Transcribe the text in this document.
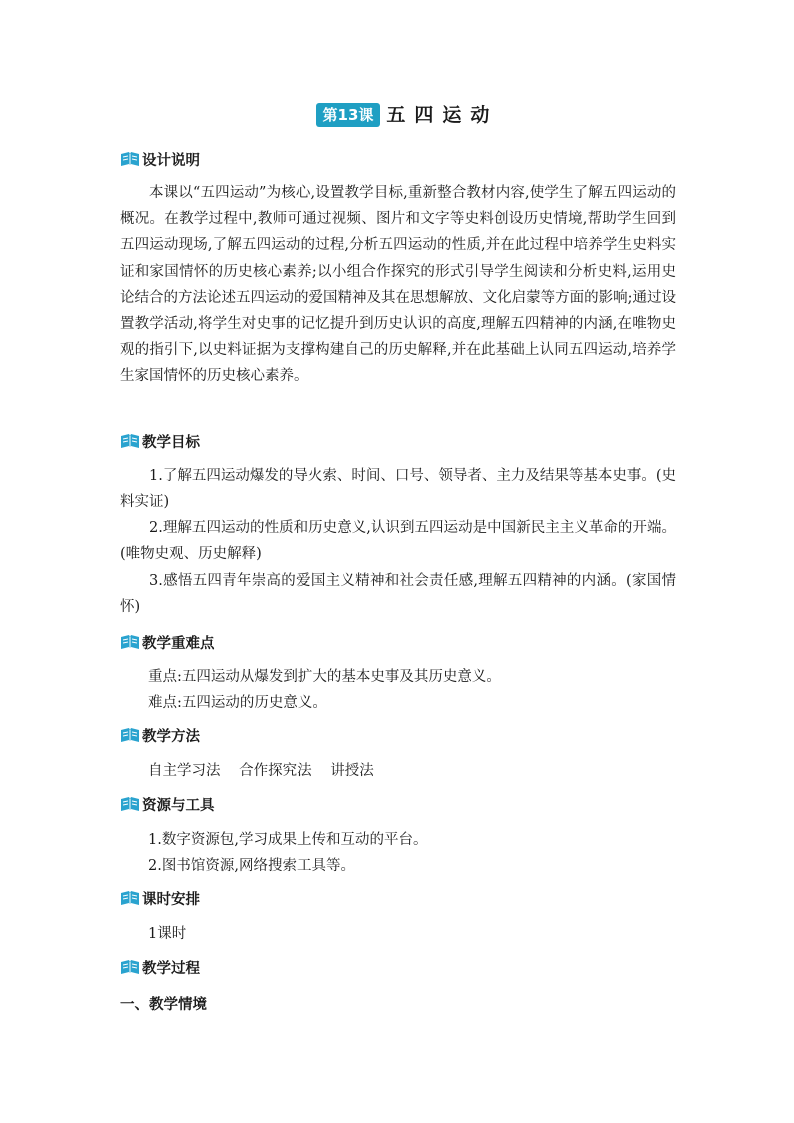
第13课 五四运动
设计说明
本课以“五四运动”为核心,设置教学目标,重新整合教材内容,使学生了解五四运动的概况。在教学过程中,教师可通过视频、图片和文字等史料创设历史情境,帮助学生回到五四运动现场,了解五四运动的过程,分析五四运动的性质,并在此过程中培养学生史料实证和家国情怀的历史核心素养;以小组合作探究的形式引导学生阅读和分析史料,运用史论结合的方法论述五四运动的爱国精神及其在思想解放、文化启蒙等方面的影响;通过设置教学活动,将学生对史事的记忆提升到历史认识的高度,理解五四精神的内涵,在唯物史观的指引下,以史料证据为支撑构建自己的历史解释,并在此基础上认同五四运动,培养学生家国情怀的历史核心素养。
教学目标
1.了解五四运动爆发的导火索、时间、口号、领导者、主力及结果等基本史事。(史料实证)
2.理解五四运动的性质和历史意义,认识到五四运动是中国新民主主义革命的开端。(唯物史观、历史解释)
3.感悟五四青年崇高的爱国主义精神和社会责任感,理解五四精神的内涵。(家国情怀)
教学重难点
重点:五四运动从爆发到扩大的基本史事及其历史意义。
难点:五四运动的历史意义。
教学方法
自主学习法 合作探究法 讲授法
资源与工具
1.数字资源包,学习成果上传和互动的平台。
2.图书馆资源,网络搜索工具等。
课时安排
1课时
教学过程
一、教学情境
